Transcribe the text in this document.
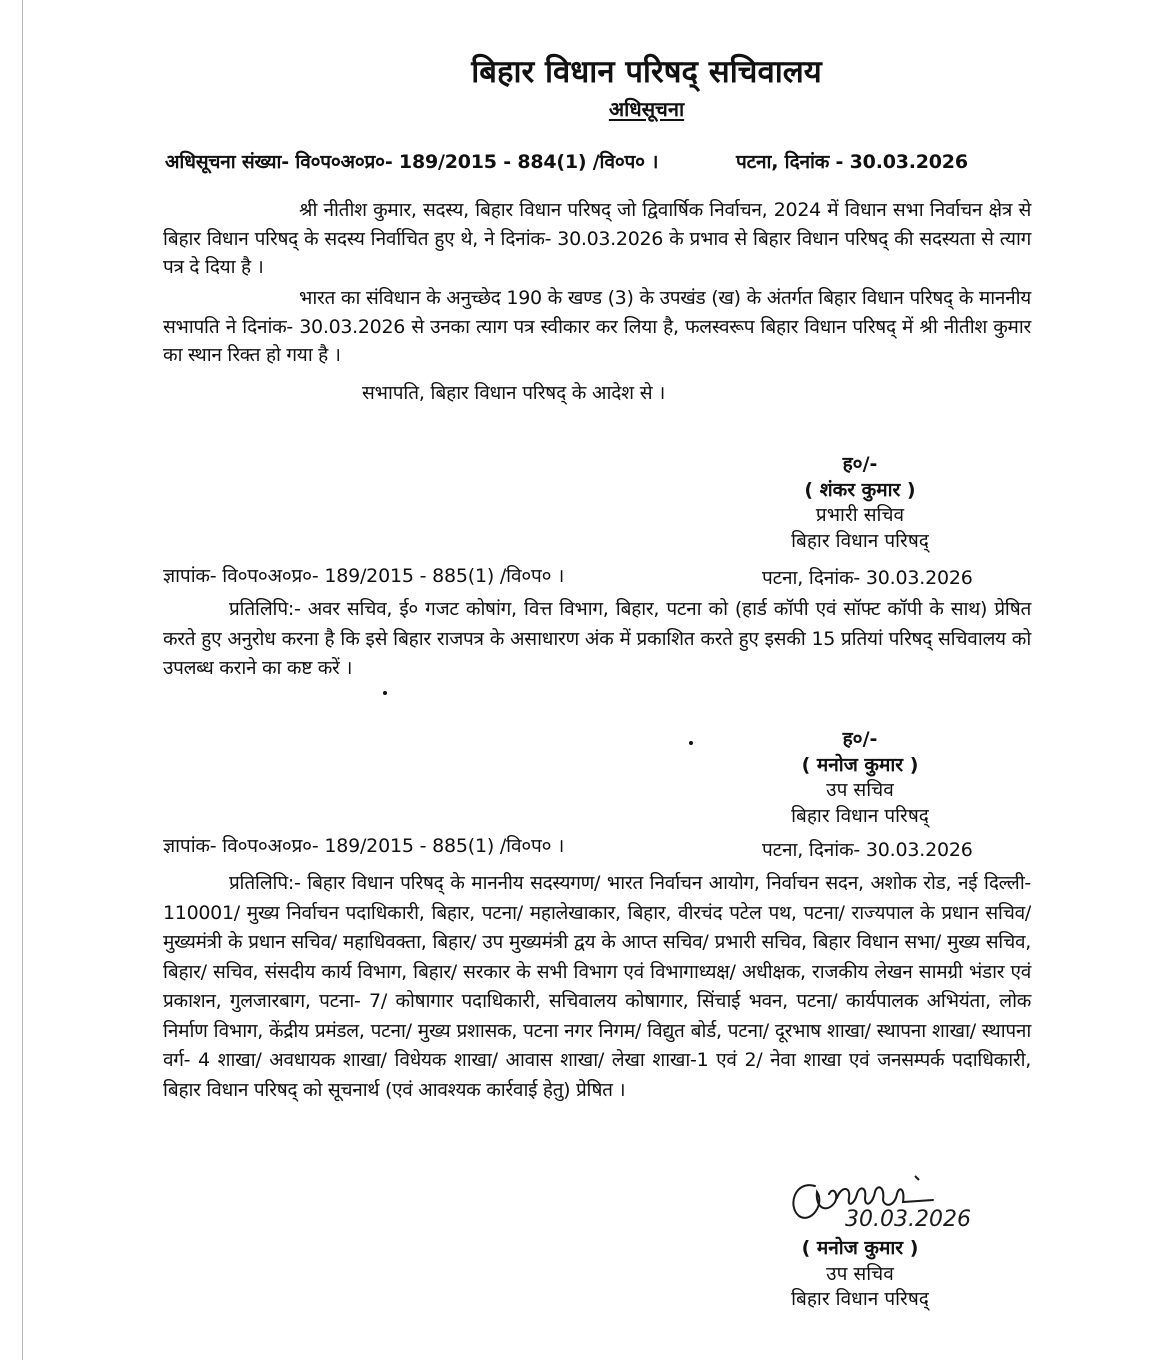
बिहार विधान परिषद् सचिवालय
अधिसूचना
अधिसूचना संख्या- वि०प०अ०प्र०- 189/2015 - 884(1) /वि०प० ।	पटना, दिनांक - 30.03.2026
श्री नीतीश कुमार, सदस्य, बिहार विधान परिषद् जो द्विवार्षिक निर्वाचन, 2024 में विधान सभा निर्वाचन क्षेत्र से बिहार विधान परिषद् के सदस्य निर्वाचित हुए थे, ने दिनांक- 30.03.2026 के प्रभाव से बिहार विधान परिषद् की सदस्यता से त्याग पत्र दे दिया है ।
भारत का संविधान के अनुच्छेद 190 के खण्ड (3) के उपखंड (ख) के अंतर्गत बिहार विधान परिषद् के माननीय सभापति ने दिनांक- 30.03.2026 से उनका त्याग पत्र स्वीकार कर लिया है, फलस्वरूप बिहार विधान परिषद् में श्री नीतीश कुमार का स्थान रिक्त हो गया है ।
सभापति, बिहार विधान परिषद् के आदेश से ।
ह०/-
( शंकर कुमार )
प्रभारी सचिव
बिहार विधान परिषद्
ज्ञापांक- वि०प०अ०प्र०- 189/2015 - 885(1) /वि०प० ।	पटना, दिनांक- 30.03.2026
प्रतिलिपि:- अवर सचिव, ई० गजट कोषांग, वित्त विभाग, बिहार, पटना को (हार्ड कॉपी एवं सॉफ्ट कॉपी के साथ) प्रेषित करते हुए अनुरोध करना है कि इसे बिहार राजपत्र के असाधारण अंक में प्रकाशित करते हुए इसकी 15 प्रतियां परिषद् सचिवालय को उपलब्ध कराने का कष्ट करें ।
ह०/-
( मनोज कुमार )
उप सचिव
बिहार विधान परिषद्
ज्ञापांक- वि०प०अ०प्र०- 189/2015 - 885(1) /वि०प० ।	पटना, दिनांक- 30.03.2026
प्रतिलिपि:- बिहार विधान परिषद् के माननीय सदस्यगण/ भारत निर्वाचन आयोग, निर्वाचन सदन, अशोक रोड, नई दिल्ली- 110001/ मुख्य निर्वाचन पदाधिकारी, बिहार, पटना/ महालेखाकार, बिहार, वीरचंद पटेल पथ, पटना/ राज्यपाल के प्रधान सचिव/ मुख्यमंत्री के प्रधान सचिव/ महाधिवक्ता, बिहार/ उप मुख्यमंत्री द्वय के आप्त सचिव/ प्रभारी सचिव, बिहार विधान सभा/ मुख्य सचिव, बिहार/ सचिव, संसदीय कार्य विभाग, बिहार/ सरकार के सभी विभाग एवं विभागाध्यक्ष/ अधीक्षक, राजकीय लेखन सामग्री भंडार एवं प्रकाशन, गुलजारबाग, पटना- 7/ कोषागार पदाधिकारी, सचिवालय कोषागार, सिंचाई भवन, पटना/ कार्यपालक अभियंता, लोक निर्माण विभाग, केंद्रीय प्रमंडल, पटना/ मुख्य प्रशासक, पटना नगर निगम/ विद्युत बोर्ड, पटना/ दूरभाष शाखा/ स्थापना शाखा/ स्थापना वर्ग- 4 शाखा/ अवधायक शाखा/ विधेयक शाखा/ आवास शाखा/ लेखा शाखा-1 एवं 2/ नेवा शाखा एवं जनसम्पर्क पदाधिकारी, बिहार विधान परिषद् को सूचनार्थ (एवं आवश्यक कार्रवाई हेतु) प्रेषित ।
30.03.2026
( मनोज कुमार )
उप सचिव
बिहार विधान परिषद्
